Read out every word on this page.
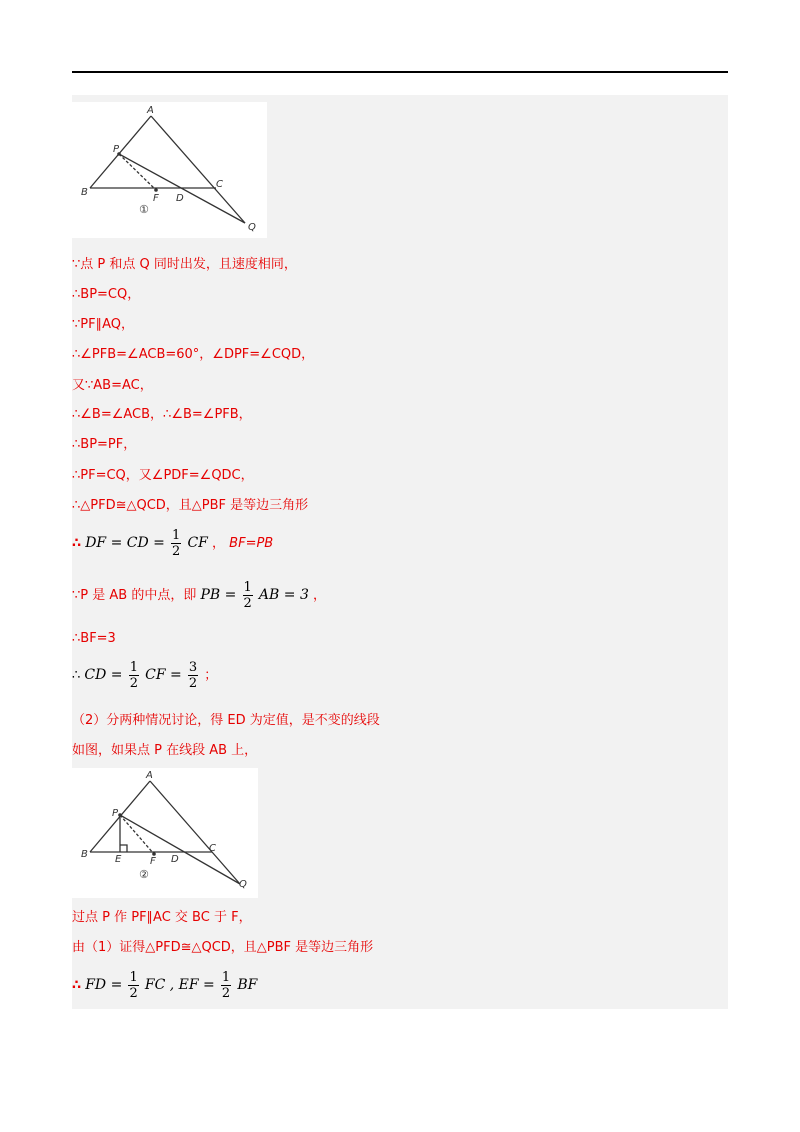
A
P
B
C
F D
Q
①
∵点 P 和点 Q 同时出发，且速度相同，
∴BP=CQ，
∵PF∥AQ，
∴∠PFB=∠ACB=60°，∠DPF=∠CQD，
又∵AB=AC，
∴∠B=∠ACB，∴∠B=∠PFB，
∴BP=PF，
∴PF=CQ，又∠PDF=∠QDC，
∴△PFD≅△QCD，且△PBF 是等边三角形
∴ DF = CD = $\frac{1}{2}$ CF ， BF=PB
∵P 是 AB 的中点，即 PB = $\frac{1}{2}$ AB = 3 ，
∴BF=3
∴ CD = $\frac{1}{2}$ CF = $\frac{3}{2}$ ；
（2）分两种情况讨论，得 ED 为定值，是不变的线段
如图，如果点 P 在线段 AB 上，
A
P
B	E	F D
C
Q
②
过点 P 作 PF∥AC 交 BC 于 F，
由（1）证得△PFD≅△QCD，且△PBF 是等边三角形
∴ FD = $\frac{1}{2}$ FC , EF = $\frac{1}{2}$ BF
